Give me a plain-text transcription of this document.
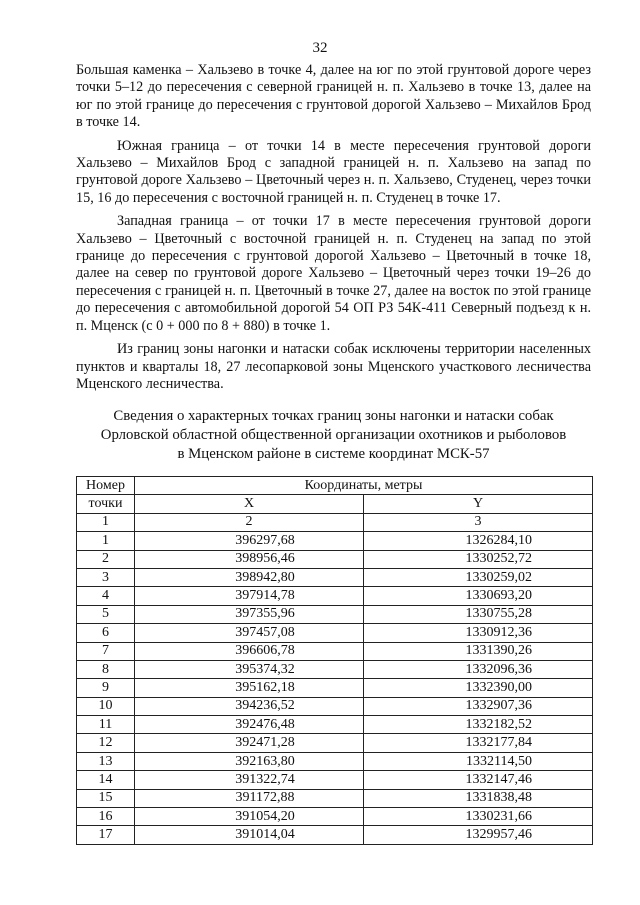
32

Большая каменка – Хальзево в точке 4, далее на юг по этой грунтовой дороге через точки 5–12 до пересечения с северной границей н. п. Хальзево в точке 13, далее на юг по этой границе до пересечения с грунтовой дорогой Хальзево – Михайлов Брод в точке 14.

Южная граница – от точки 14 в месте пересечения грунтовой дороги Хальзево – Михайлов Брод с западной границей н. п. Хальзево на запад по грунтовой дороге Хальзево – Цветочный через н. п. Хальзево, Студенец, через точки 15, 16 до пересечения с восточной границей н. п. Студенец в точке 17.

Западная граница – от точки 17 в месте пересечения грунтовой дороги Хальзево – Цветочный с восточной границей н. п. Студенец на запад по этой границе до пересечения с грунтовой дорогой Хальзево – Цветочный в точке 18, далее на север по грунтовой дороге Хальзево – Цветочный через точки 19–26 до пересечения с границей н. п. Цветочный в точке 27, далее на восток по этой границе до пересечения с автомобильной дорогой 54 ОП РЗ 54К-411 Северный подъезд к н. п. Мценск (с 0 + 000 по 8 + 880) в точке 1.

Из границ зоны нагонки и натаски собак исключены территории населенных пунктов и кварталы 18, 27 лесопарковой зоны Мценского участкового лесничества Мценского лесничества.

Сведения о характерных точках границ зоны нагонки и натаски собак
Орловской областной общественной организации охотников и рыболовов
в Мценском районе в системе координат МСК-57
Номер	Координаты, метры	
точки	X	Y
1	2	3
1	396297,68	1326284,10
2	398956,46	1330252,72
3	398942,80	1330259,02
4	397914,78	1330693,20
5	397355,96	1330755,28
6	397457,08	1330912,36
7	396606,78	1331390,26
8	395374,32	1332096,36
9	395162,18	1332390,00
10	394236,52	1332907,36
11	392476,48	1332182,52
12	392471,28	1332177,84
13	392163,80	1332114,50
14	391322,74	1332147,46
15	391172,88	1331838,48
16	391054,20	1330231,66
17	391014,04	1329957,46
